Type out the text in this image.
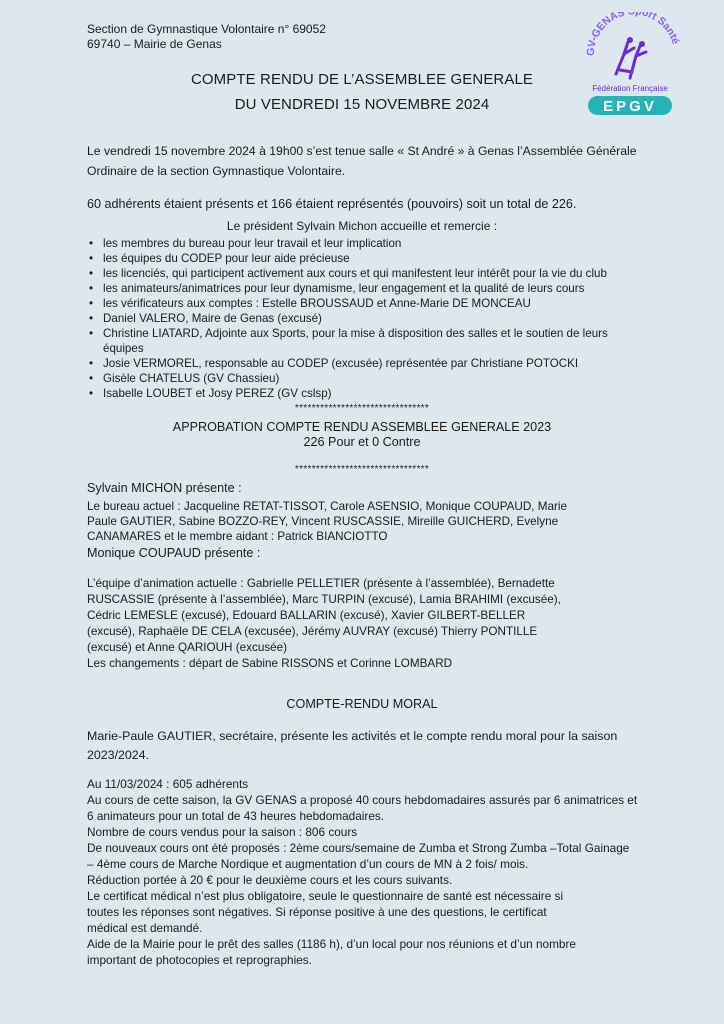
Section de Gymnastique Volontaire n° 69052
69740 – Mairie de Genas
GV-GENAS ort Sant
Fédération Française
EPGV
COMPTE RENDU DE L’ASSEMBLEE GENERALE
DU VENDREDI 15 NOVEMBRE 2024
Le vendredi 15 novembre 2024 à 19h00 s’est tenue salle « St André » à Genas l’Assemblée Générale
Ordinaire de la section Gymnastique Volontaire.
60 adhérents étaient présents et 166 étaient représentés (pouvoirs) soit un total de 226.
Le président Sylvain Michon accueille et remercie :
• les membres du bureau pour leur travail et leur implication
• les équipes du CODEP pour leur aide précieuse
• les licenciés, qui participent activement aux cours et qui manifestent leur intérêt pour la vie du club
• les animateurs/animatrices pour leur dynamisme, leur engagement et la qualité de leurs cours
• les vérificateurs aux comptes : Estelle BROUSSAUD et Anne-Marie DE MONCEAU
• Daniel VALERO, Maire de Genas (excusé)
• Christine LIATARD, Adjointe aux Sports, pour la mise à disposition des salles et le soutien de leurs équipes
• Josie VERMOREL, responsable au CODEP (excusée) représentée par Christiane POTOCKI
• Gisèle CHATELUS (GV Chassieu)
• Isabelle LOUBET et Josy PEREZ (GV cslsp)
********************************
APPROBATION COMPTE RENDU ASSEMBLEE GENERALE 2023
226 Pour et 0 Contre
********************************
Sylvain MICHON présente :
Le bureau actuel : Jacqueline RETAT-TISSOT, Carole ASENSIO, Monique COUPAUD, Marie
Paule GAUTIER, Sabine BOZZO-REY, Vincent RUSCASSIE, Mireille GUICHERD, Evelyne
CANAMARES et le membre aidant : Patrick BIANCIOTTO
Monique COUPAUD présente :
L’équipe d’animation actuelle : Gabrielle PELLETIER (présente à l’assemblée), Bernadette
RUSCASSIE (présente à l’assemblée), Marc TURPIN (excusé), Lamia BRAHIMI (excusée),
Cédric LEMESLE (excusé), Edouard BALLARIN (excusé), Xavier GILBERT-BELLER
(excusé), Raphaële DE CELA (excusée), Jérémy AUVRAY (excusé) Thierry PONTILLE
(excusé) et Anne QARIOUH (excusée)
Les changements : départ de Sabine RISSONS et Corinne LOMBARD
COMPTE-RENDU MORAL
Marie-Paule GAUTIER, secrétaire, présente les activités et le compte rendu moral pour la saison
2023/2024.
Au 11/03/2024 : 605 adhérents
Au cours de cette saison, la GV GENAS a proposé 40 cours hebdomadaires assurés par 6 animatrices et
6 animateurs pour un total de 43 heures hebdomadaires.
Nombre de cours vendus pour la saison : 806 cours
De nouveaux cours ont été proposés : 2ème cours/semaine de Zumba et Strong Zumba –Total Gainage
– 4ème cours de Marche Nordique et augmentation d’un cours de MN à 2 fois/ mois.
Réduction portée à 20 € pour le deuxième cours et les cours suivants.
Le certificat médical n’est plus obligatoire, seule le questionnaire de santé est nécessaire si
toutes les réponses sont négatives. Si réponse positive à une des questions, le certificat
médical est demandé.
Aide de la Mairie pour le prêt des salles (1186 h), d’un local pour nos réunions et d’un nombre
important de photocopies et reprographies.
